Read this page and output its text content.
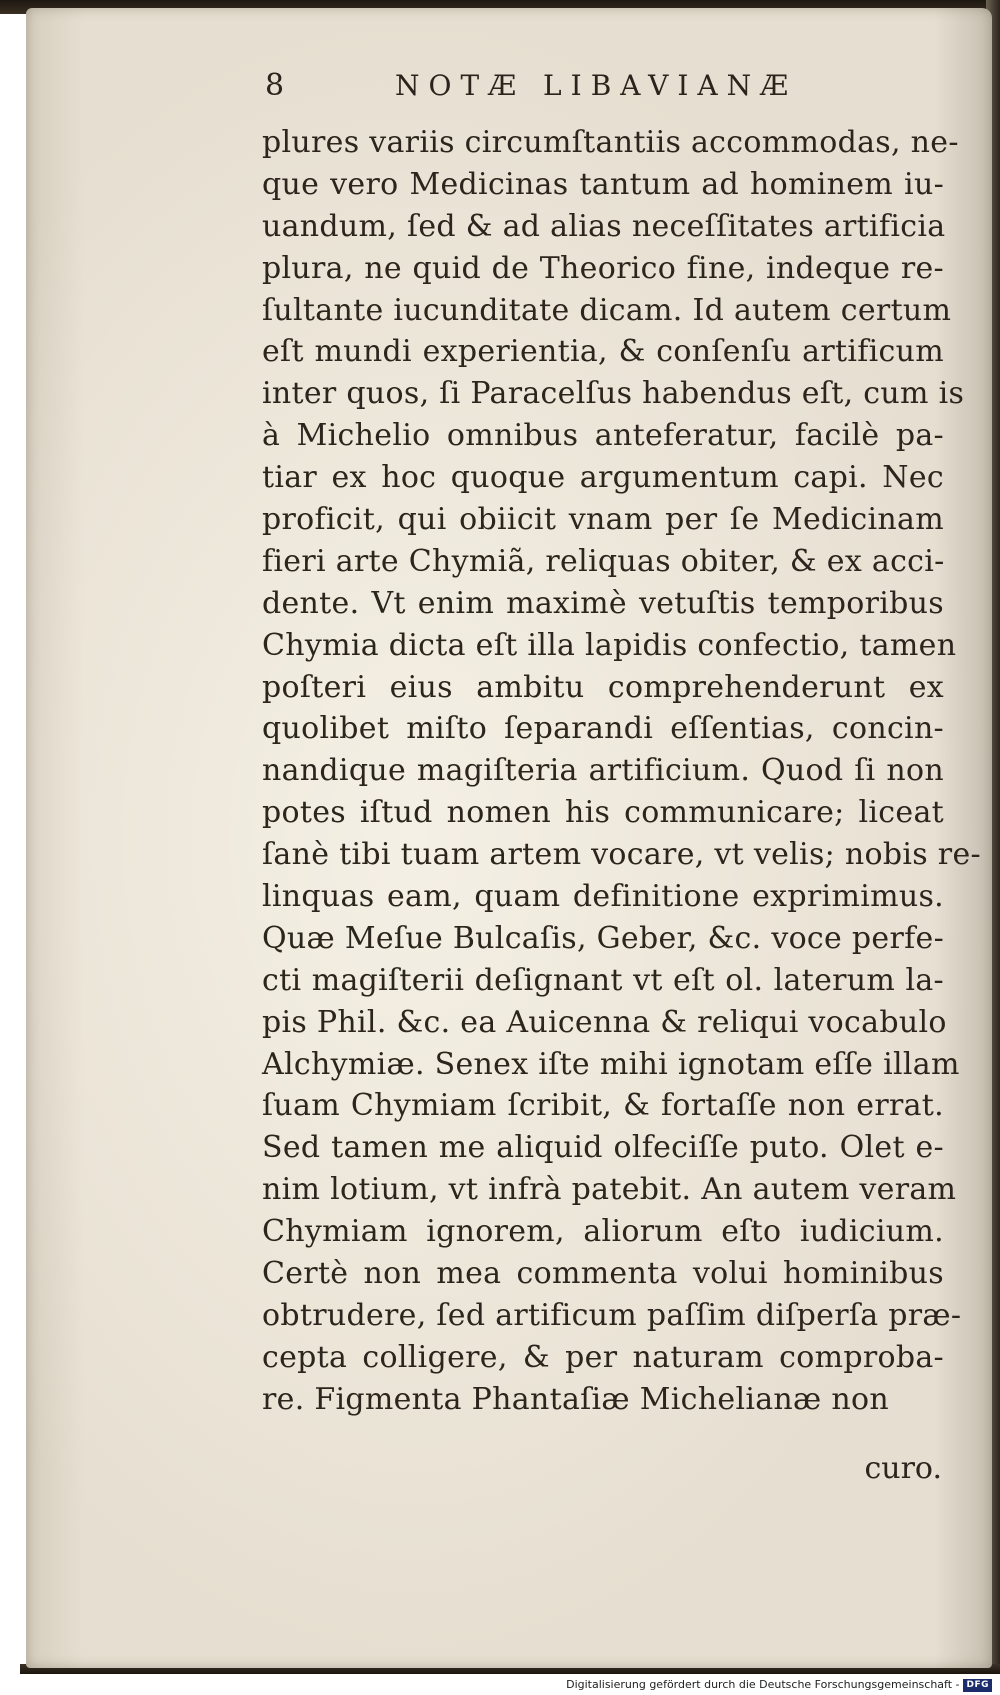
8	NOTÆ LIBAVIANÆ
plures variis circumſtantiis accommodas, ne-
que vero Medicinas tantum ad hominem iu-
uandum, ſed & ad alias neceſſitates artificia
plura, ne quid de Theorico fine, indeque re-
ſultante iucunditate dicam. Id autem certum
eſt mundi experientia, & conſenſu artificum
inter quos, ſi Paracelſus habendus eſt, cum is
à Michelio omnibus anteferatur, facilè pa-
tiar ex hoc quoque argumentum capi. Nec
proficit, qui obiicit vnam per ſe Medicinam
fieri arte Chymiã, reliquas obiter, & ex acci-
dente. Vt enim maximè vetuſtis temporibus
Chymia dicta eſt illa lapidis confectio, tamen
poſteri eius ambitu comprehenderunt ex
quolibet miſto ſeparandi eſſentias, concin-
nandique magiſteria artificium. Quod ſi non
potes iſtud nomen his communicare; liceat
ſanè tibi tuam artem vocare, vt velis; nobis re-
linquas eam, quam definitione exprimimus.
Quæ Meſue Bulcaſis, Geber, &c. voce perfe-
cti magiſterii deſignant vt eſt ol. laterum la-
pis Phil. &c. ea Auicenna & reliqui vocabulo
Alchymiæ. Senex iſte mihi ignotam eſſe illam
ſuam Chymiam ſcribit, & fortaſſe non errat.
Sed tamen me aliquid olfeciſſe puto. Olet e-
nim lotium, vt infrà patebit. An autem veram
Chymiam ignorem, aliorum eſto iudicium.
Certè non mea commenta volui hominibus
obtrudere, ſed artificum paſſim diſperſa præ-
cepta colligere, & per naturam comproba-
re. Figmenta Phantaſiæ Michelianæ non
curo.
Digitalisierung gefördert durch die Deutsche Forschungsgemeinschaft - DFG
